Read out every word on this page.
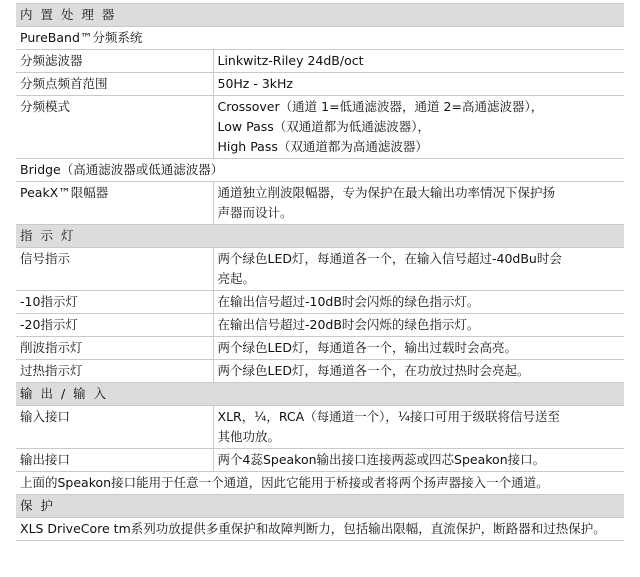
内 置 处 理 器	
PureBand™分频系统	
分频滤波器	Linkwitz-Riley 24dB/oct

分频点频首范围	50Hz - 3kHz

分频模式	Crossover（通道 1=低通滤波器，通道 2=高通滤波器），
Low Pass（双通道都为低通滤波器），
High Pass（双通道都为高通滤波器）

Bridge（高通滤波器或低通滤波器）	
PeakX™限幅器	通道独立削波限幅器，专为保护在最大输出功率情况下保护扬
声器而设计。

指 示 灯	
信号指示	两个绿色LED灯，每通道各一个，在输入信号超过-40dBu时会
亮起。

-10指示灯	在输出信号超过-10dB时会闪烁的绿色指示灯。

-20指示灯	在输出信号超过-20dB时会闪烁的绿色指示灯。

削波指示灯	两个绿色LED灯，每通道各一个，输出过载时会高亮。

过热指示灯	两个绿色LED灯，每通道各一个，在功放过热时会亮起。

输 出 / 输 入	
输入接口	XLR，¼，RCA（每通道一个），¼接口可用于级联将信号送至
其他功放。

输出接口	两个4蕊Speakon输出接口连接两蕊或四芯Speakon接口。

上面的Speakon接口能用于任意一个通道，因此它能用于桥接或者将两个扬声器接入一个通道。	
保 护	
XLS DriveCore tm系列功放提供多重保护和故障判断力，包括输出限幅，直流保护，断路器和过热保护。	
